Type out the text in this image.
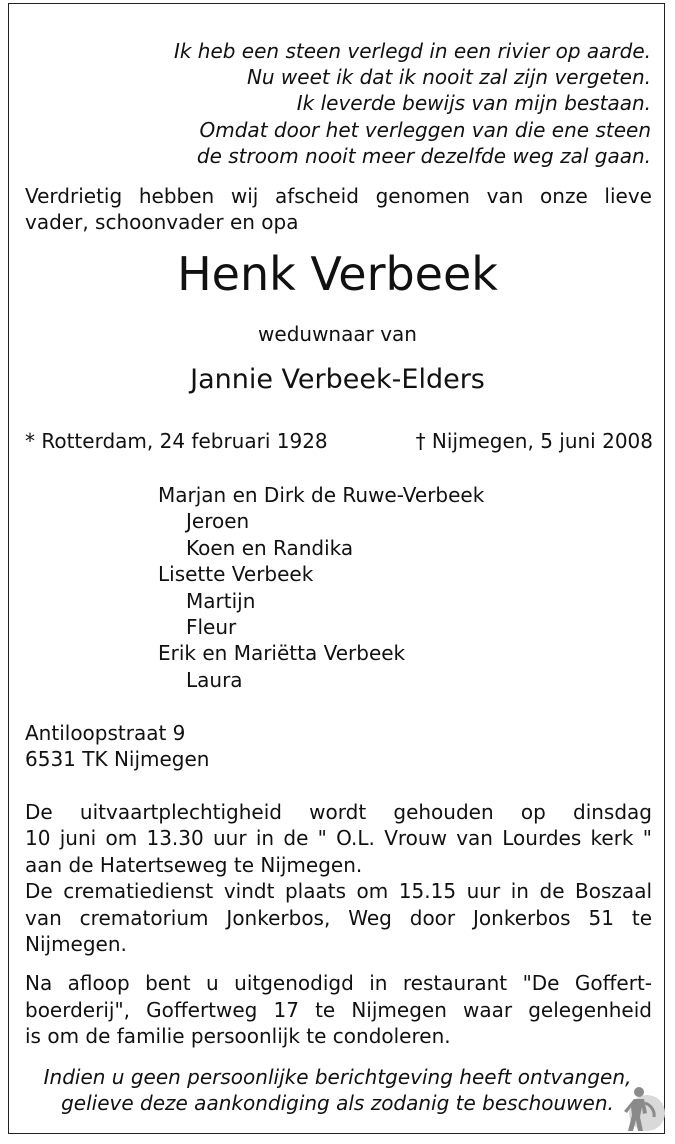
Ik heb een steen verlegd in een rivier op aarde.
Nu weet ik dat ik nooit zal zijn vergeten.
Ik leverde bewijs van mijn bestaan.
Omdat door het verleggen van die ene steen
de stroom nooit meer dezelfde weg zal gaan.
Verdrietig hebben wij afscheid genomen van onze lieve
vader, schoonvader en opa
Henk Verbeek
weduwnaar van
Jannie Verbeek-Elders
* Rotterdam, 24 februari 1928	† Nijmegen, 5 juni 2008
Marjan en Dirk de Ruwe-Verbeek
Jeroen
Koen en Randika
Lisette Verbeek
Martijn
Fleur
Erik en Mariëtta Verbeek
Laura
Antiloopstraat 9
6531 TK Nijmegen
De uitvaartplechtigheid wordt gehouden op dinsdag
10 juni om 13.30 uur in de " O.L. Vrouw van Lourdes kerk "
aan de Hatertseweg te Nijmegen.
De crematiedienst vindt plaats om 15.15 uur in de Boszaal
van crematorium Jonkerbos, Weg door Jonkerbos 51 te
Nijmegen.
Na afloop bent u uitgenodigd in restaurant "De Goffert-
boerderij", Goffertweg 17 te Nijmegen waar gelegenheid
is om de familie persoonlijk te condoleren.
Indien u geen persoonlijke berichtgeving heeft ontvangen,
gelieve deze aankondiging als zodanig te beschouwen.
